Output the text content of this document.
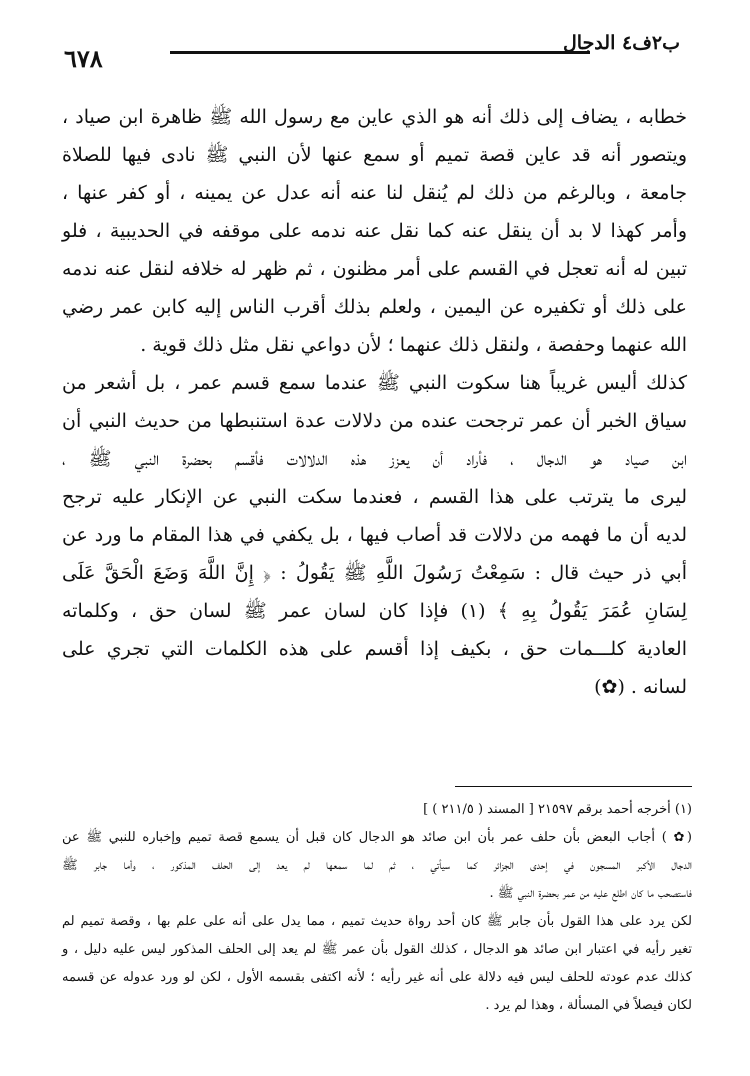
٦٧٨
ب٢ف٤ الدجال
خطابه ، يضاف إلى ذلك أنه هو الذي عاين مع رسول الله ﷺ ظاهرة ابن صياد ،
ويتصور أنه قد عاين قصة تميم أو سمع عنها لأن النبي ﷺ نادى فيها للصلاة
جامعة ، وبالرغم من ذلك لم يُنقل لنا عنه أنه عدل عن يمينه ، أو كفر عنها ،
وأمر كهذا لا بد أن ينقل عنه كما نقل عنه ندمه على موقفه في الحديبية ، فلو
تبين له أنه تعجل في القسم على أمر مظنون ، ثم ظهر له خلافه لنقل عنه ندمه
على ذلك أو تكفيره عن اليمين ، ولعلم بذلك أقرب الناس إليه كابن عمر رضي
الله عنهما وحفصة ، ولنقل ذلك عنهما ؛ لأن دواعي نقل مثل ذلك قوية .
كذلك أليس غريباً هنا سكوت النبي ﷺ عندما سمع قسم عمر ، بل أشعر من
سياق الخبر أن عمر ترجحت عنده من دلالات عدة استنبطها من حديث النبي أن
ابن صياد هو الدجال ، فأراد أن يعزز هذه الدلالات فأقسم بحضرة النبي ﷺ ،
ليرى ما يترتب على هذا القسم ، فعندما سكت النبي عن الإنكار عليه ترجح
لديه أن ما فهمه من دلالات قد أصاب فيها ، بل يكفي في هذا المقام ما ورد عن
أبي ذر حيث قال : سَمِعْتُ رَسُولَ اللَّهِ ﷺ يَقُولُ : ﴿ إِنَّ اللَّهَ وَضَعَ الْحَقَّ عَلَى
لِسَانِ عُمَرَ يَقُولُ بِهِ ﴾ (١) فإذا كان لسان عمر ﷺ لسان حق ، وكلماته
العادية كلـــمات حق ، بكيف إذا أقسم على هذه الكلمات التي تجري على
لسانه . (✿)
(١) أخرجه أحمد برقم ٢١٥٩٧ [ المسند ( ٢١١/٥ ) ]
(✿ ) أجاب البعض بأن حلف عمر بأن ابن صائد هو الدجال كان قبل أن يسمع قصة تميم وإخباره للنبي ﷺ عن
الدجال الأكبر المسجون في إحدى الجزائر كما سيأتي ، ثم لما سمعها لم يعد إلى الحلف المذكور ، وأما جابر ﷺ
فاستصحب ما كان اطلع عليه من عمر بحضرة النبي ﷺ .
لكن يرد على هذا القول بأن جابر ﷺ كان أحد رواة حديث تميم ، مما يدل على أنه على علم بها ، وقصة تميم لم
تغير رأيه في اعتبار ابن صائد هو الدجال ، كذلك القول بأن عمر ﷺ لم يعد إلى الحلف المذكور ليس عليه دليل ، و
كذلك عدم عودته للحلف ليس فيه دلالة على أنه غير رأيه ؛ لأنه اكتفى بقسمه الأول ، لكن لو ورد عدوله عن قسمه
لكان فيصلاً في المسألة ، وهذا لم يرد .
